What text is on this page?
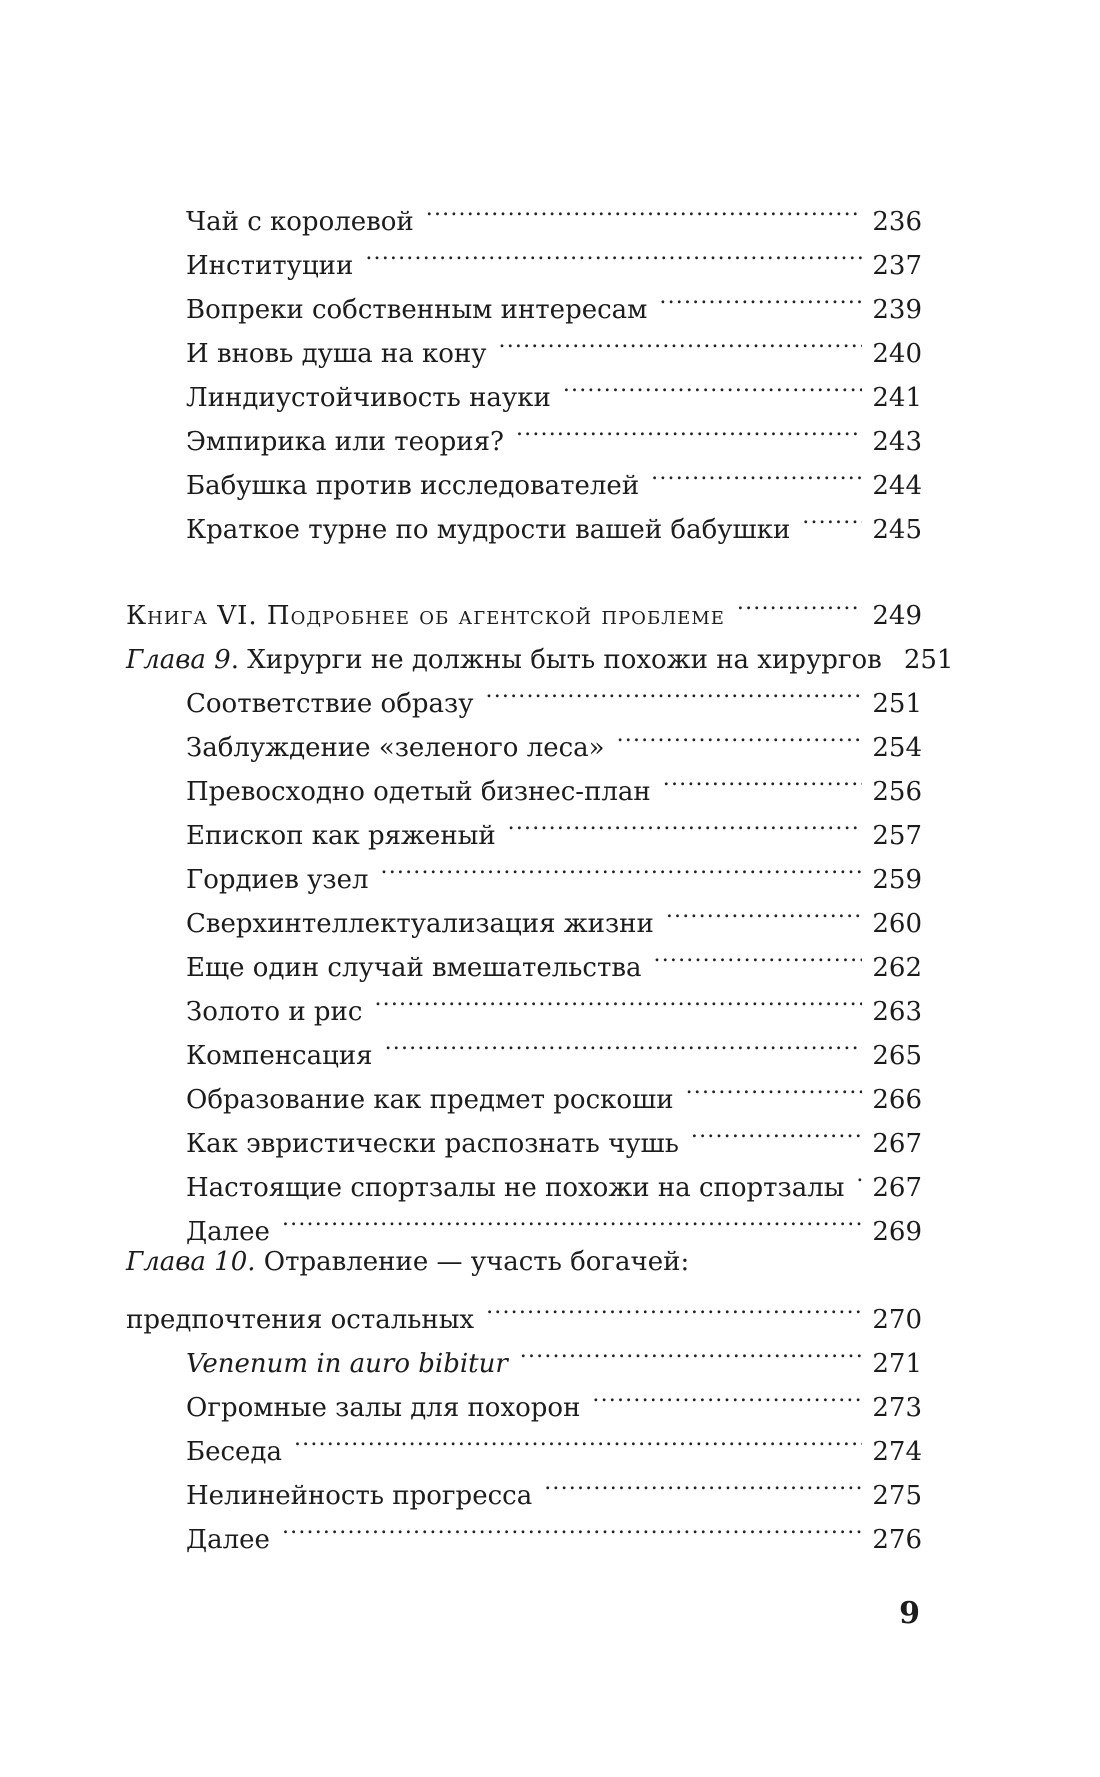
Чай с королевой .....	236
Институции .....	237
Вопреки собственным интересам .....	239
И вновь душа на кону .....	240
Линдиустойчивость науки .....	241
Эмпирика или теория? .....	243
Бабушка против исследователей .....	244
Краткое турне по мудрости вашей бабушки .....	245
Книга VI. Подробнее об агентской проблеме .....	249
Глава 9. Хирурги не должны быть похожи на хирургов 251
Соответствие образу .....	251
Заблуждение «зеленого леса» .....	254
Превосходно одетый бизнес-план .....	256
Епископ как ряженый .....	257
Гордиев узел .....	259
Сверхинтеллектуализация жизни .....	260
Еще один случай вмешательства .....	262
Золото и рис .....	263
Компенсация .....	265
Образование как предмет роскоши .....	266
Как эвристически распознать чушь .....	267
Настоящие спортзалы не похожи на спортзалы .....	267
Далее .....	269
Глава 10. Отравление — участь богачей:
предпочтения остальных .....	270
Venenum in auro bibitur .....	271
Огромные залы для похорон .....	273
Беседа .....	274
Нелинейность прогресса .....	275
Далее .....	276
9
